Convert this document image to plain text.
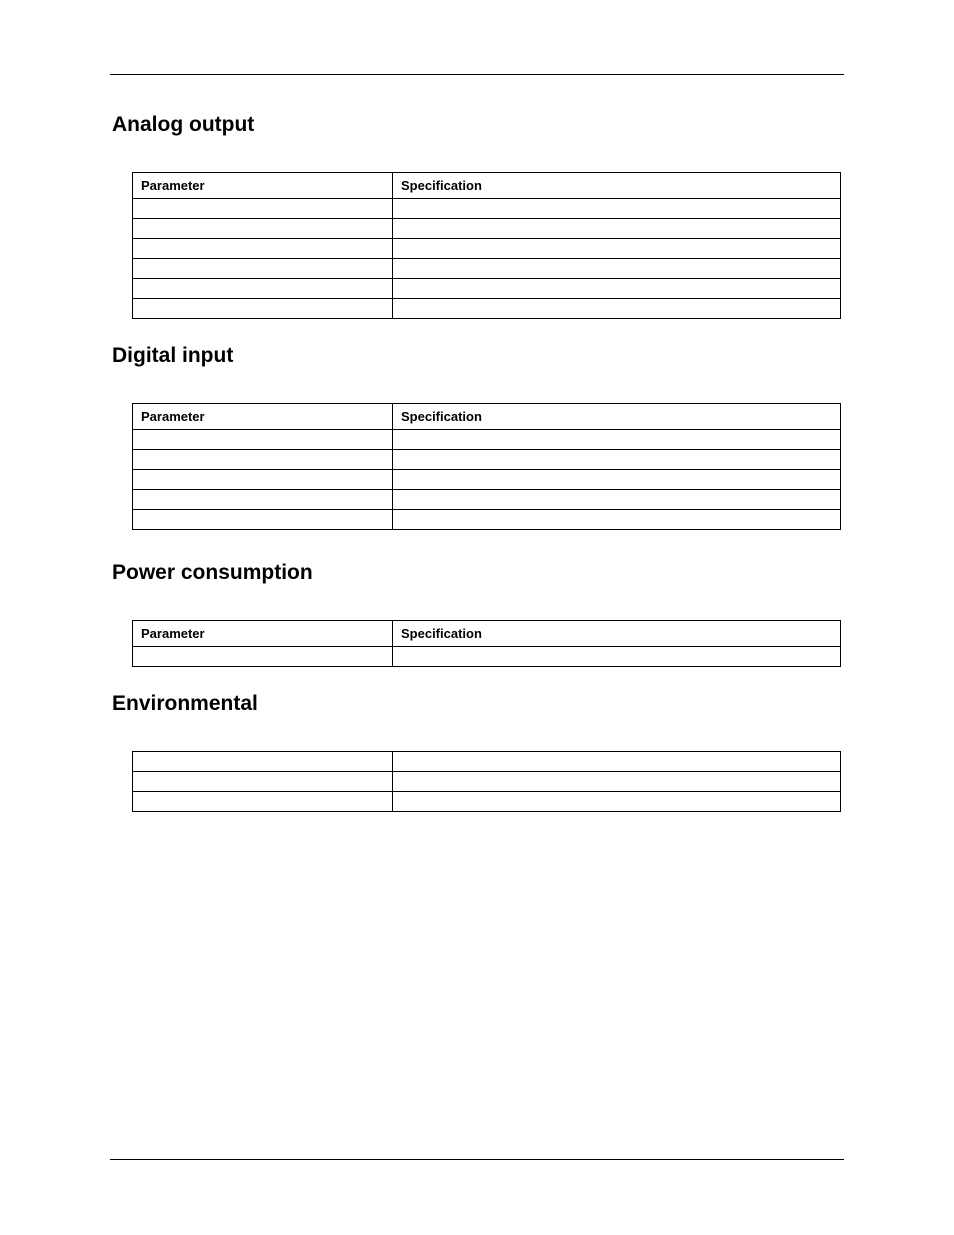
Analog output
Parameter	Specification

Digital input
Parameter	Specification

Power consumption
Parameter	Specification

Environmental
